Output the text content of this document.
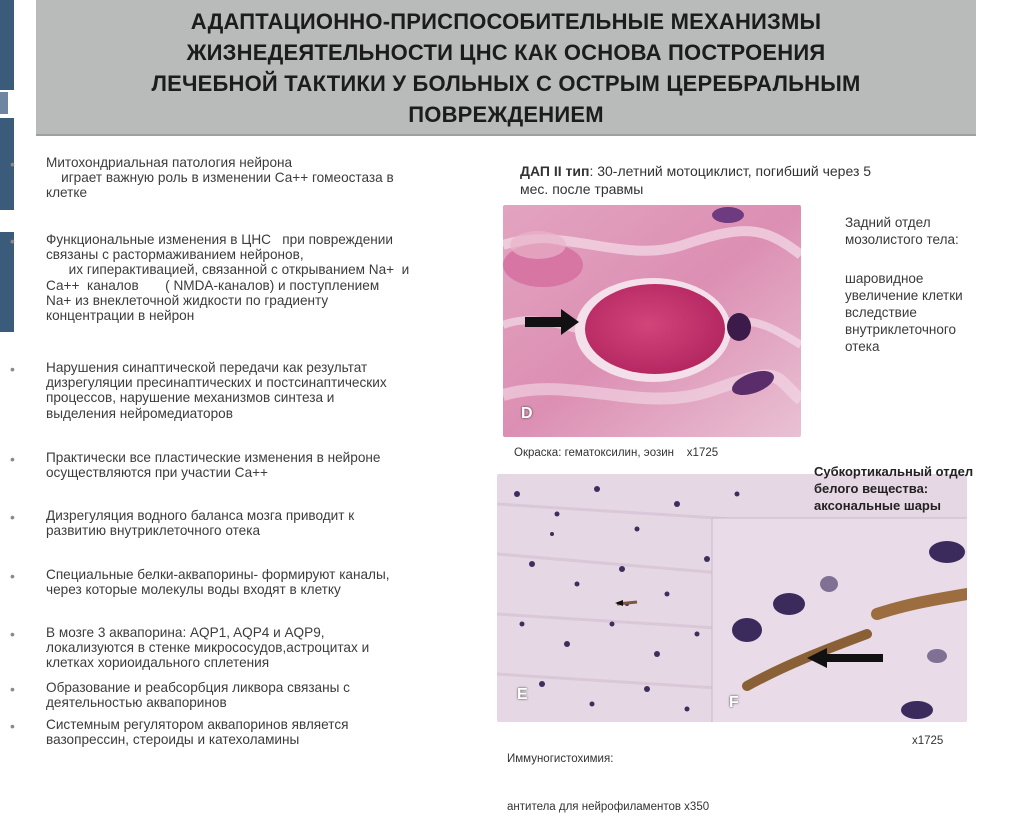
АДАПТАЦИОННО-ПРИСПОСОБИТЕЛЬНЫЕ МЕХАНИЗМЫ
ЖИЗНЕДЕЯТЕЛЬНОСТИ ЦНС КАК ОСНОВА ПОСТРОЕНИЯ
ЛЕЧЕБНОЙ ТАКТИКИ У БОЛЬНЫХ С ОСТРЫМ ЦЕРЕБРАЛЬНЫМ
ПОВРЕЖДЕНИЕМ
• Митохондриальная патология нейрона
играет важную роль в изменении Са++ гомеостаза в
клетке
• Функциональные изменения в ЦНС   при повреждении
связаны с растормаживанием нейронов,
их гиперактивацией, связанной с открыванием Na+  и
Са++  каналов       ( NMDA-каналов) и поступлением
Na+ из внеклеточной жидкости по градиенту
концентрации в нейрон
• Нарушения синаптической передачи как результат
дизрегуляции пресинаптических и постсинаптических
процессов, нарушение механизмов синтеза и
выделения нейромедиаторов
• Практически все пластические изменения в нейроне
осуществляются при участии Са++
• Дизрегуляция водного баланса мозга приводит к
развитию внутриклеточного отека
• Специальные белки-аквапорины- формируют каналы,
через которые молекулы воды входят в клетку
• В мозге 3 аквапорина: AQP1, AQP4 и AQP9,
локализуются в стенке микрососудов,астроцитах и
клетках хориоидального сплетения
• Образование и реабсорбция ликвора связаны с
деятельностью аквапоринов
• Системным регулятором аквапоринов является
вазопрессин, стероиды и катехоламины
ДАП II тип: 30-летний мотоциклист, погибший через 5
мес. после травмы
D
Окраска: гематоксилин, эозин    х1725
Задний отдел
мозолистого тела:
шаровидное
увеличение клетки
вследствие
внутриклеточного
отека
E	F
Субкортикальный отдел
белого вещества:
аксональные шары

Иммуногистохимия:

антитела для нейрофиламентов х350

х1725
